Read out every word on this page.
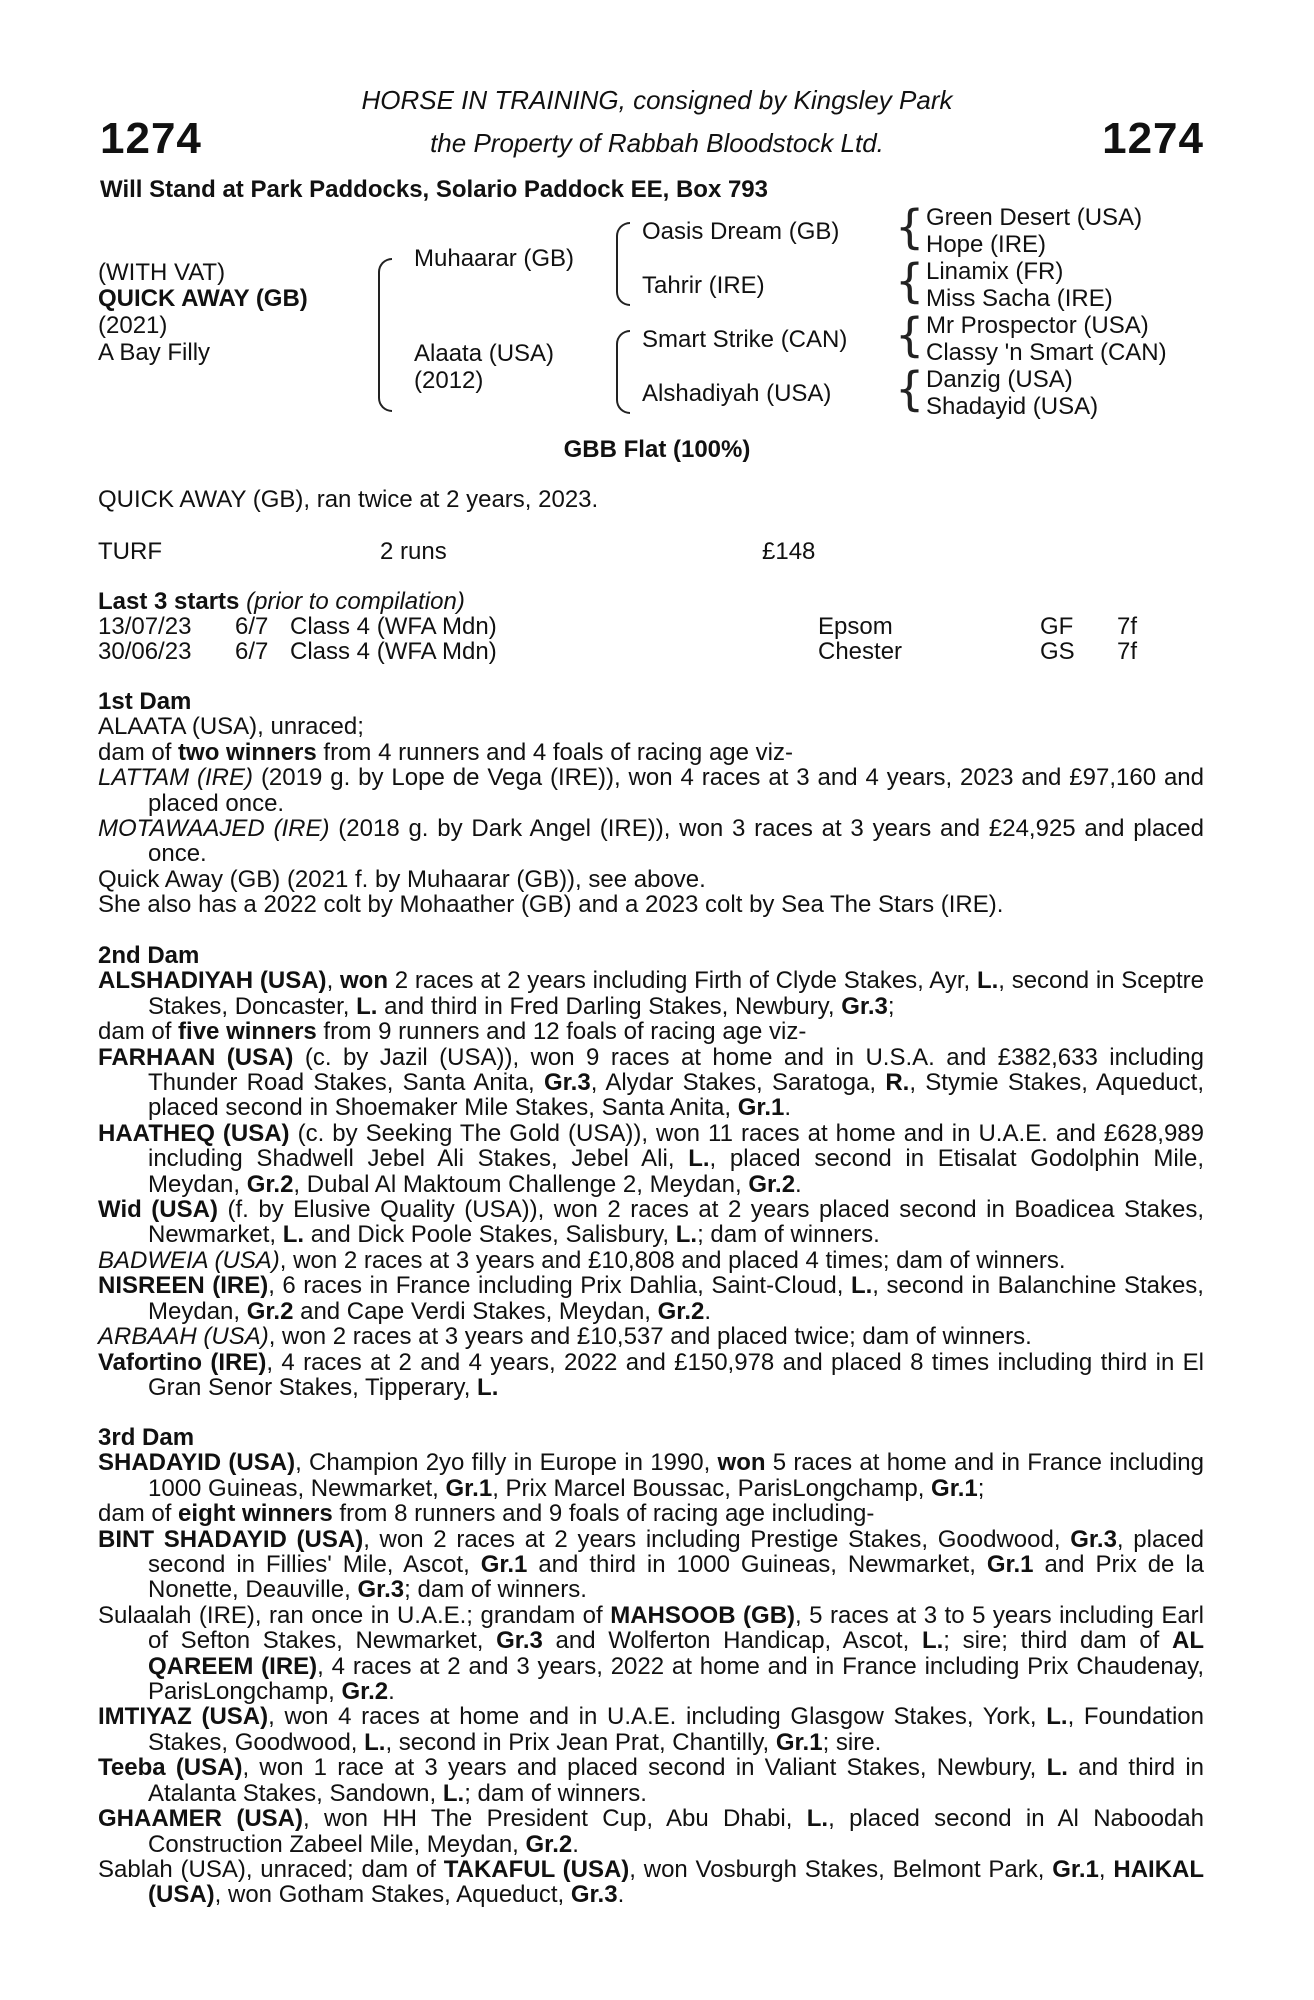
1274	1274
HORSE IN TRAINING, consigned by Kingsley Park
the Property of Rabbah Bloodstock Ltd.
Will Stand at Park Paddocks, Solario Paddock EE, Box 793
(WITH VAT)
QUICK AWAY (GB)
(2021)
A Bay Filly
{
{
{
{
Muhaarar (GB)
Alaata (USA)
(2012)
Oasis Dream (GB)
Tahrir (IRE)
Smart Strike (CAN)
Alshadiyah (USA)
Green Desert (USA)
Hope (IRE)
Linamix (FR)
Miss Sacha (IRE)
Mr Prospector (USA)
Classy 'n Smart (CAN)
Danzig (USA)
Shadayid (USA)
GBB Flat (100%)
QUICK AWAY (GB), ran twice at 2 years, 2023.
TURF	2 runs	£148
Last 3 starts (prior to compilation)
13/07/23 6/7 Class 4 (WFA Mdn)	Epsom	GF 7f
30/06/23 6/7 Class 4 (WFA Mdn)	Chester	GS 7f

1st Dam

ALAATA (USA), unraced;

dam of two winners from 4 runners and 4 foals of racing age viz-

LATTAM (IRE) (2019 g. by Lope de Vega (IRE)), won 4 races at 3 and 4 years, 2023 and £97,160 and placed once.

MOTAWAAJED (IRE) (2018 g. by Dark Angel (IRE)), won 3 races at 3 years and £24,925 and placed once.

Quick Away (GB) (2021 f. by Muhaarar (GB)), see above.

She also has a 2022 colt by Mohaather (GB) and a 2023 colt by Sea The Stars (IRE).

2nd Dam

ALSHADIYAH (USA), won 2 races at 2 years including Firth of Clyde Stakes, Ayr, L., second in Sceptre Stakes, Doncaster, L. and third in Fred Darling Stakes, Newbury, Gr.3;

dam of five winners from 9 runners and 12 foals of racing age viz-

FARHAAN (USA) (c. by Jazil (USA)), won 9 races at home and in U.S.A. and £382,633 including Thunder Road Stakes, Santa Anita, Gr.3, Alydar Stakes, Saratoga, R., Stymie Stakes, Aqueduct, placed second in Shoemaker Mile Stakes, Santa Anita, Gr.1.

HAATHEQ (USA) (c. by Seeking The Gold (USA)), won 11 races at home and in U.A.E. and £628,989 including Shadwell Jebel Ali Stakes, Jebel Ali, L., placed second in Etisalat Godolphin Mile, Meydan, Gr.2, Dubal Al Maktoum Challenge 2, Meydan, Gr.2.

Wid (USA) (f. by Elusive Quality (USA)), won 2 races at 2 years placed second in Boadicea Stakes, Newmarket, L. and Dick Poole Stakes, Salisbury, L.; dam of winners.

BADWEIA (USA), won 2 races at 3 years and £10,808 and placed 4 times; dam of winners.

NISREEN (IRE), 6 races in France including Prix Dahlia, Saint-Cloud, L., second in Balanchine Stakes, Meydan, Gr.2 and Cape Verdi Stakes, Meydan, Gr.2.

ARBAAH (USA), won 2 races at 3 years and £10,537 and placed twice; dam of winners.

Vafortino (IRE), 4 races at 2 and 4 years, 2022 and £150,978 and placed 8 times including third in El Gran Senor Stakes, Tipperary, L.

3rd Dam

SHADAYID (USA), Champion 2yo filly in Europe in 1990, won 5 races at home and in France including 1000 Guineas, Newmarket, Gr.1, Prix Marcel Boussac, ParisLongchamp, Gr.1;

dam of eight winners from 8 runners and 9 foals of racing age including-

BINT SHADAYID (USA), won 2 races at 2 years including Prestige Stakes, Goodwood, Gr.3, placed second in Fillies' Mile, Ascot, Gr.1 and third in 1000 Guineas, Newmarket, Gr.1 and Prix de la Nonette, Deauville, Gr.3; dam of winners.

Sulaalah (IRE), ran once in U.A.E.; grandam of MAHSOOB (GB), 5 races at 3 to 5 years including Earl of Sefton Stakes, Newmarket, Gr.3 and Wolferton Handicap, Ascot, L.; sire; third dam of AL QAREEM (IRE), 4 races at 2 and 3 years, 2022 at home and in France including Prix Chaudenay, ParisLongchamp, Gr.2.

IMTIYAZ (USA), won 4 races at home and in U.A.E. including Glasgow Stakes, York, L., Foundation Stakes, Goodwood, L., second in Prix Jean Prat, Chantilly, Gr.1; sire.

Teeba (USA), won 1 race at 3 years and placed second in Valiant Stakes, Newbury, L. and third in Atalanta Stakes, Sandown, L.; dam of winners.

GHAAMER (USA), won HH The President Cup, Abu Dhabi, L., placed second in Al Naboodah Construction Zabeel Mile, Meydan, Gr.2.

Sablah (USA), unraced; dam of TAKAFUL (USA), won Vosburgh Stakes, Belmont Park, Gr.1, HAIKAL (USA), won Gotham Stakes, Aqueduct, Gr.3.
